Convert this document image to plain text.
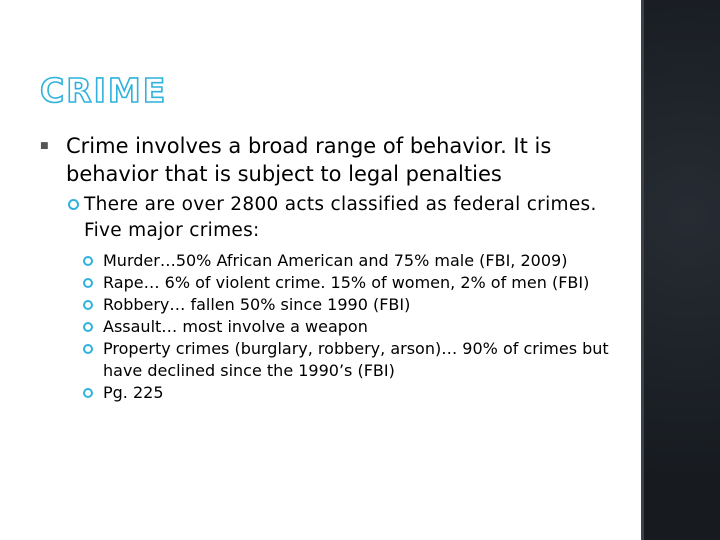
CRIME
■ Crime involves a broad range of behavior. It is behavior that is subject to legal penalties
There are over 2800 acts classified as federal crimes. Five major crimes:
Murder…50% African American and 75% male (FBI, 2009)
Rape… 6% of violent crime. 15% of women, 2% of men (FBI)
Robbery… fallen 50% since 1990 (FBI)
Assault… most involve a weapon
Property crimes (burglary, robbery, arson)… 90% of crimes but have declined since the 1990’s (FBI)
Pg. 225
